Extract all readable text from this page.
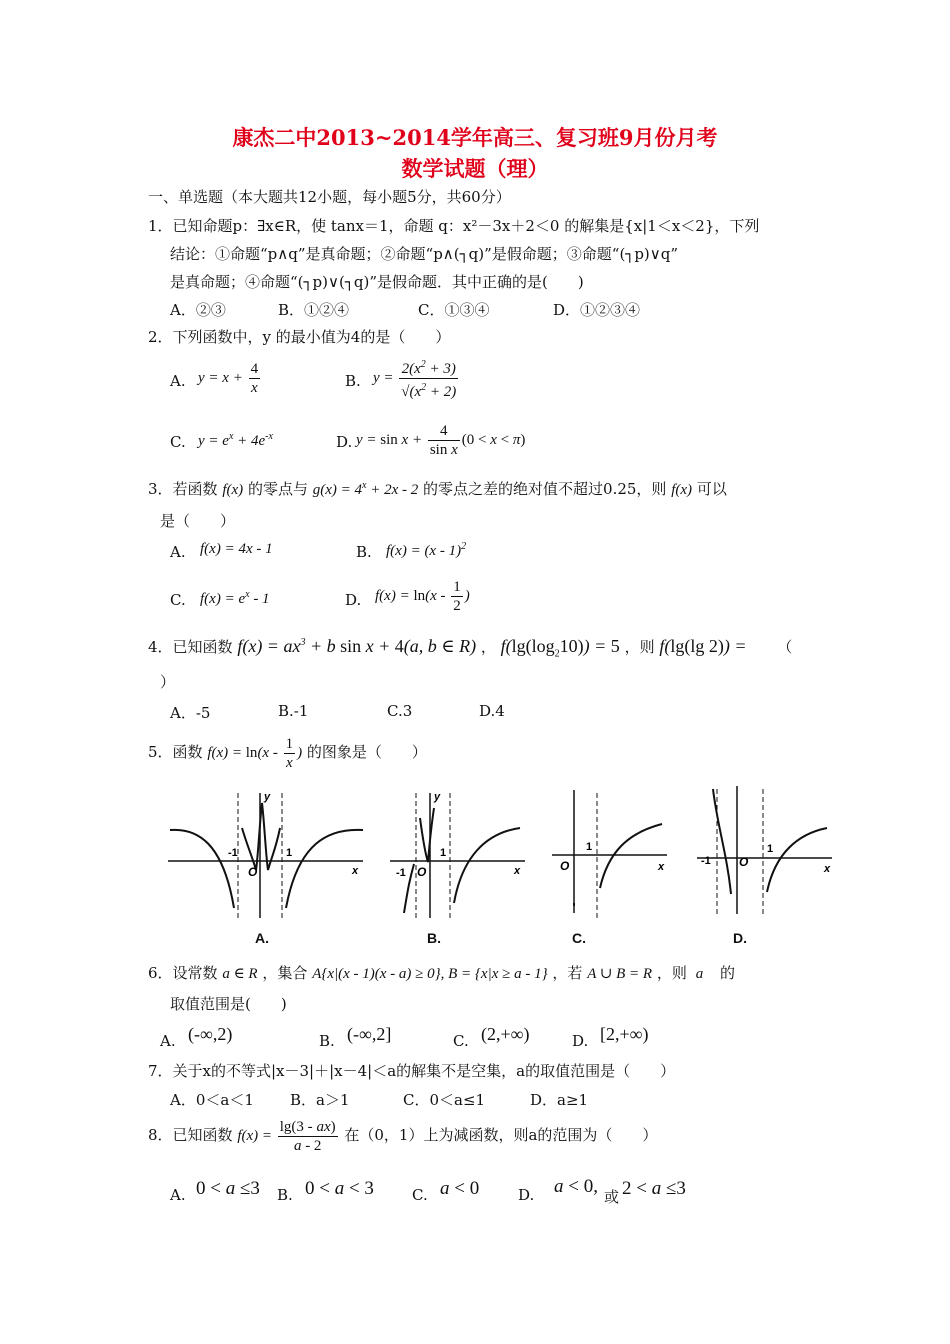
康杰二中2013~2014学年高三、复习班9月份月考
数学试题（理）
一、单选题（本大题共12小题，每小题5分，共60分）
1．已知命题p：∃x∈R，使 tanx＝1，命题 q：x²－3x＋2＜0 的解集是{x|1＜x＜2}，下列
结论：①命题“p∧q”是真命题；②命题“p∧(┐q)”是假命题；③命题“(┐p)∨q”
是真命题；④命题“(┐p)∨(┐q)”是假命题．其中正确的是(　　)
A．②③	B．①②④	C．①③④	D．①②③④
2．下列函数中，y 的最小值为4的是（　　）
A. $y = x + \frac{4}{x}$	B. $y = \frac{2(x^2 + 3)}{√(x^2 + 2)}$
C. $y = e^x + 4e^{-x}$	D. $y = \sin x + \frac{4}{\text{sin x}} (0 < x < \pi)$
3．若函数 f(x) 的零点与 $g(x) = 4^x + 2x - 2$ 的零点之差的绝对值不超过0.25，则 f(x) 可以
是（　　）
A. f(x) = 4x - 1	B. f(x) = (x - 1)$^2$
C. $f(x) = e^x - 1$	D. $f(x) = \ln(x - \frac{1}{2}$ )
4．已知函数 $f(x) = ax^3 + b$ sin x + 4(a, b ∈ R) ， $f(\lg(\log_210)) = 5$ ，则 f(lg(lg 2)) = （
）
A．-5	B.-1	C.3	D.4
5．函数 $f(x) = \ln(x - \frac{1}{x}$ ) 的图象是（　　）
-1	1
O
y
x	-1
1
O
y
x	O
1
x	-1
1
O	x
A.	B.	C.	D.
6．设常数 a ∈ R ，集合 A{x|(x - 1)(x - a) ≥ 0}, B = {x|x ≥ a - 1} ，若 A ∪ B = R ，则 a 的
取值范围是(　　)
A. (-∞,2)	B. (-∞,2]	C. (2,+∞)	D. [2,+∞)
7．关于x的不等式|x－3|＋|x－4|＜a的解集不是空集，a的取值范围是（　　）
A．0＜a＜1 B．a＞1	C．0＜a≤1	D．a≥1
8．已知函数 $f(x) = \frac{\lg(3 - ax)}{a - 2}$ 在（0，1）上为减函数，则a的范围为（　　）
A. 0 < a ≤3 B. 0 < a < 3	C. a < 0	D. a < 0, 或 2 < a ≤3
